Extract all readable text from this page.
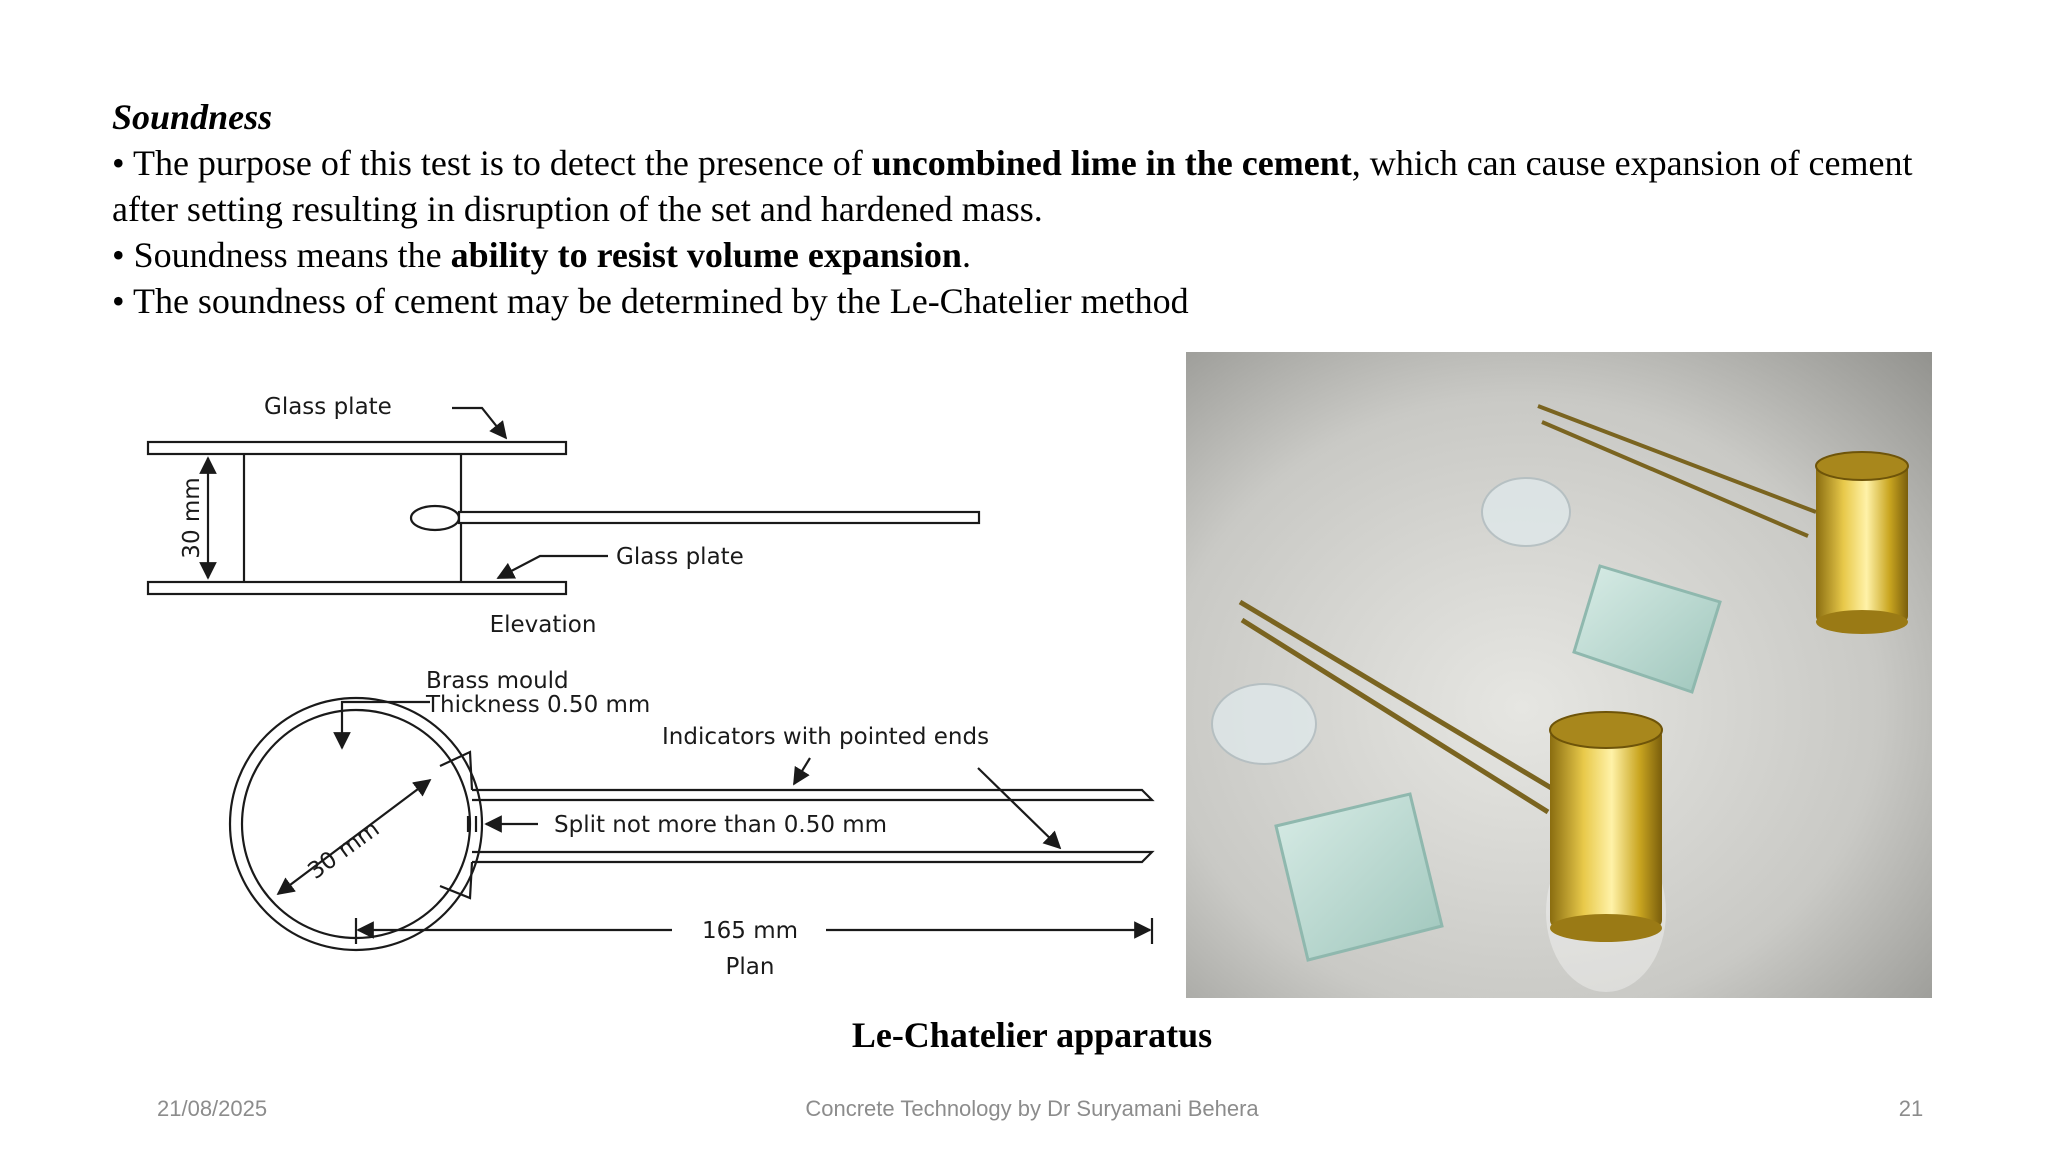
Soundness
• The purpose of this test is to detect the presence of uncombined lime in the cement, which can cause expansion of cement after setting resulting in disruption of the set and hardened mass.
• Soundness means the ability to resist volume expansion.
• The soundness of cement may be determined by the Le-Chatelier method
Glass plate
Glass plate
30 mm
Elevation
Brass mould
Thickness 0.50 mm
Indicators with pointed ends
30 mm	Split not more than 0.50 mm
165 mm
Plan
Le-Chatelier apparatus
21/08/2025	Concrete Technology by Dr Suryamani Behera	21
